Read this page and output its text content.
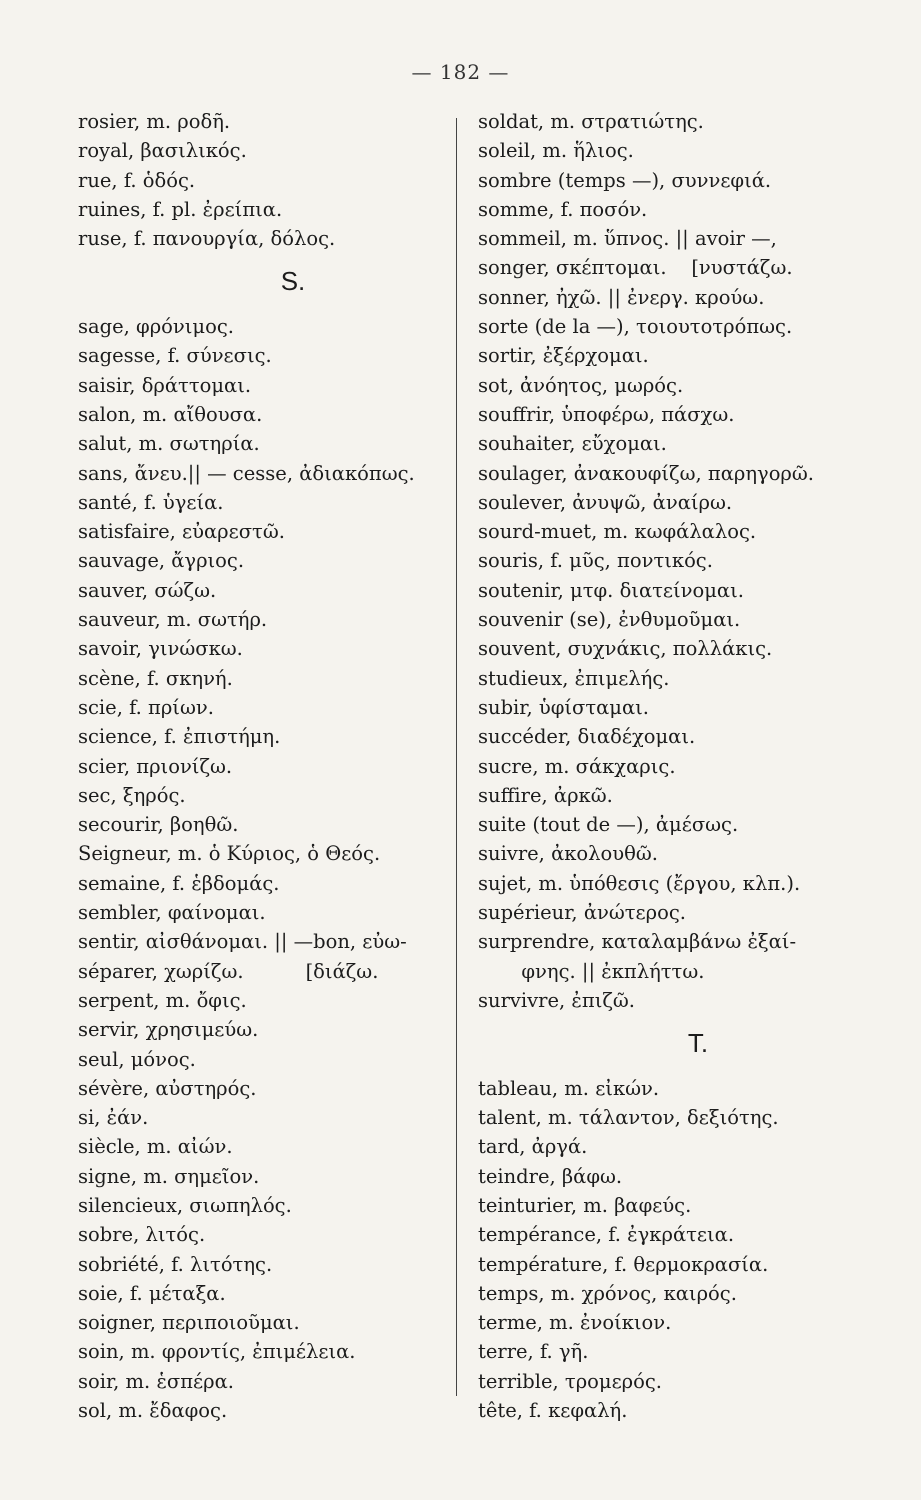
— 182 —
rosier, m. ροδῆ.
royal, βασιλικός.
rue, f. ὁδός.
ruines, f. pl. ἐρείπια.
ruse, f. πανουργία, δόλος.
S.
sage, φρόνιμος.
sagesse, f. σύνεσις.
saisir, δράττομαι.
salon, m. αἴθουσα.
salut, m. σωτηρία.
sans, ἄνευ.|| — cesse, ἀδιακόπως.
santé, f. ὑγεία.
satisfaire, εὐαρεστῶ.
sauvage, ἄγριος.
sauver, σώζω.
sauveur, m. σωτήρ.
savoir, γινώσκω.
scène, f. σκηνή.
scie, f. πρίων.
science, f. ἐπιστήμη.
scier, πριονίζω.
sec, ξηρός.
secourir, βοηθῶ.
Seigneur, m. ὁ Κύριος, ὁ Θεός.
semaine, f. ἑβδομάς.
sembler, φαίνομαι.
sentir, αἰσθάνομαι. || —bon, εὐω-
séparer, χωρίζω.          [διάζω.
serpent, m. ὄφις.
servir, χρησιμεύω.
seul, μόνος.
sévère, αὐστηρός.
si, ἐάν.
siècle, m. αἰών.
signe, m. σημεῖον.
silencieux, σιωπηλός.
sobre, λιτός.
sobriété, f. λιτότης.
soie, f. μέταξα.
soigner, περιποιοῦμαι.
soin, m. φροντίς, ἐπιμέλεια.
soir, m. ἑσπέρα.
sol, m. ἔδαφος.
soldat, m. στρατιώτης.
soleil, m. ἥλιος.
sombre (temps —), συννεφιά.
somme, f. ποσόν.
sommeil, m. ὕπνος. || avoir —,
songer, σκέπτομαι.    [νυστάζω.
sonner, ἠχῶ. || ἐνεργ. κρούω.
sorte (de la —), τοιουτοτρόπως.
sortir, ἐξέρχομαι.
sot, ἀνόητος, μωρός.
souffrir, ὑποφέρω, πάσχω.
souhaiter, εὔχομαι.
soulager, ἀνακουφίζω, παρηγορῶ.
soulever, ἀνυψῶ, ἀναίρω.
sourd-muet, m. κωφάλαλος.
souris, f. μῦς, ποντικός.
soutenir, μτφ. διατείνομαι.
souvenir (se), ἐνθυμοῦμαι.
souvent, συχνάκις, πολλάκις.
studieux, ἐπιμελής.
subir, ὑφίσταμαι.
succéder, διαδέχομαι.
sucre, m. σάκχαρις.
suffire, ἀρκῶ.
suite (tout de —), ἀμέσως.
suivre, ἀκολουθῶ.
sujet, m. ὑπόθεσις (ἔργου, κλπ.).
supérieur, ἀνώτερος.
surprendre, καταλαμβάνω ἐξαί-
φνης. || ἐκπλήττω.
survivre, ἐπιζῶ.
T.
tableau, m. εἰκών.
talent, m. τάλαντον, δεξιότης.
tard, ἀργά.
teindre, βάφω.
teinturier, m. βαφεύς.
tempérance, f. ἐγκράτεια.
température, f. θερμοκρασία.
temps, m. χρόνος, καιρός.
terme, m. ἐνοίκιον.
terre, f. γῆ.
terrible, τρομερός.
tête, f. κεφαλή.
